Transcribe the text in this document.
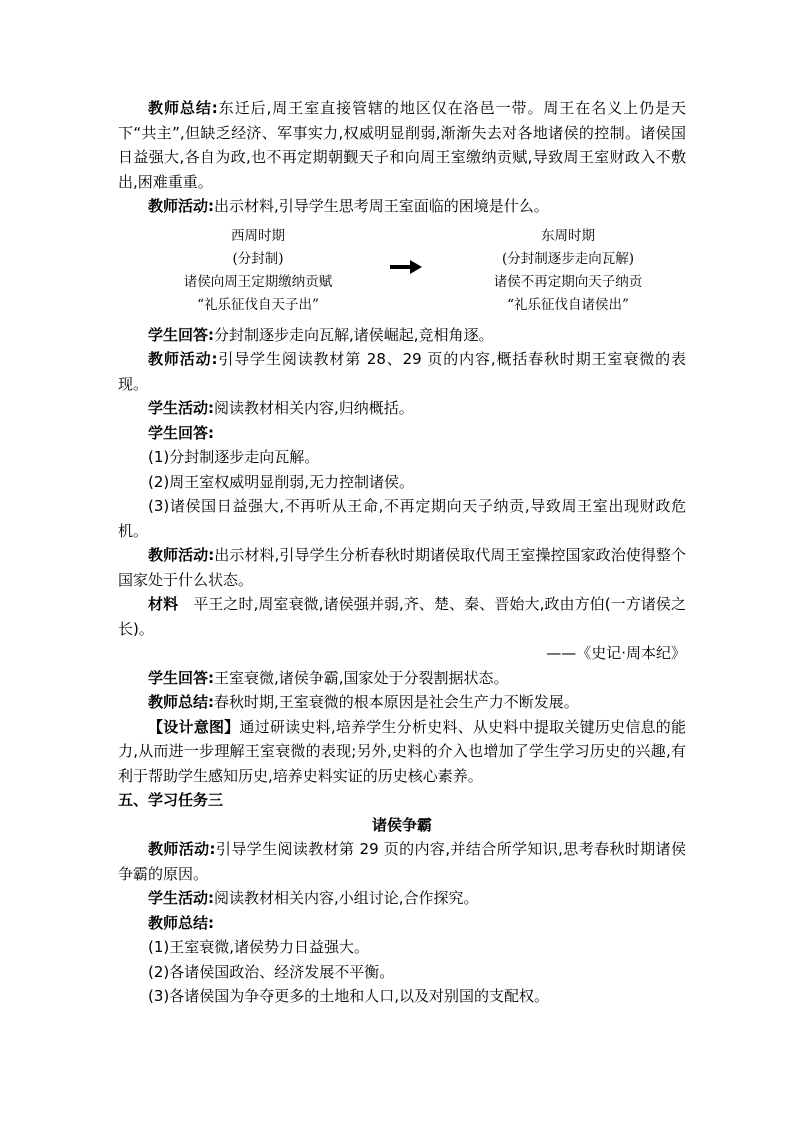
教师总结:东迁后,周王室直接管辖的地区仅在洛邑一带。周王在名义上仍是天下“共主”,但缺乏经济、军事实力,权威明显削弱,渐渐失去对各地诸侯的控制。诸侯国日益强大,各自为政,也不再定期朝觐天子和向周王室缴纳贡赋,导致周王室财政入不敷出,困难重重。

教师活动:出示材料,引导学生思考周王室面临的困境是什么。

西周时期
(分封制)
诸侯向周王定期缴纳贡赋
“礼乐征伐自天子出”
东周时期
(分封制逐步走向瓦解)
诸侯不再定期向天子纳贡
“礼乐征伐自诸侯出”

学生回答:分封制逐步走向瓦解,诸侯崛起,竞相角逐。

教师活动:引导学生阅读教材第 28、29 页的内容,概括春秋时期王室衰微的表现。

学生活动:阅读教材相关内容,归纳概括。

学生回答:

(1)分封制逐步走向瓦解。

(2)周王室权威明显削弱,无力控制诸侯。

(3)诸侯国日益强大,不再听从王命,不再定期向天子纳贡,导致周王室出现财政危机。

教师活动:出示材料,引导学生分析春秋时期诸侯取代周王室操控国家政治使得整个国家处于什么状态。

材料　 平王之时,周室衰微,诸侯强并弱,齐、楚、秦、晋始大,政由方伯(一方诸侯之长)。

——《史记·周本纪》

学生回答:王室衰微,诸侯争霸,国家处于分裂割据状态。

教师总结:春秋时期,王室衰微的根本原因是社会生产力不断发展。

【设计意图】通过研读史料,培养学生分析史料、从史料中提取关键历史信息的能力,从而进一步理解王室衰微的表现;另外,史料的介入也增加了学生学习历史的兴趣,有利于帮助学生感知历史,培养史料实证的历史核心素养。

五、学习任务三

诸侯争霸

教师活动:引导学生阅读教材第 29 页的内容,并结合所学知识,思考春秋时期诸侯争霸的原因。

学生活动:阅读教材相关内容,小组讨论,合作探究。

教师总结:

(1)王室衰微,诸侯势力日益强大。

(2)各诸侯国政治、经济发展不平衡。

(3)各诸侯国为争夺更多的土地和人口,以及对别国的支配权。
